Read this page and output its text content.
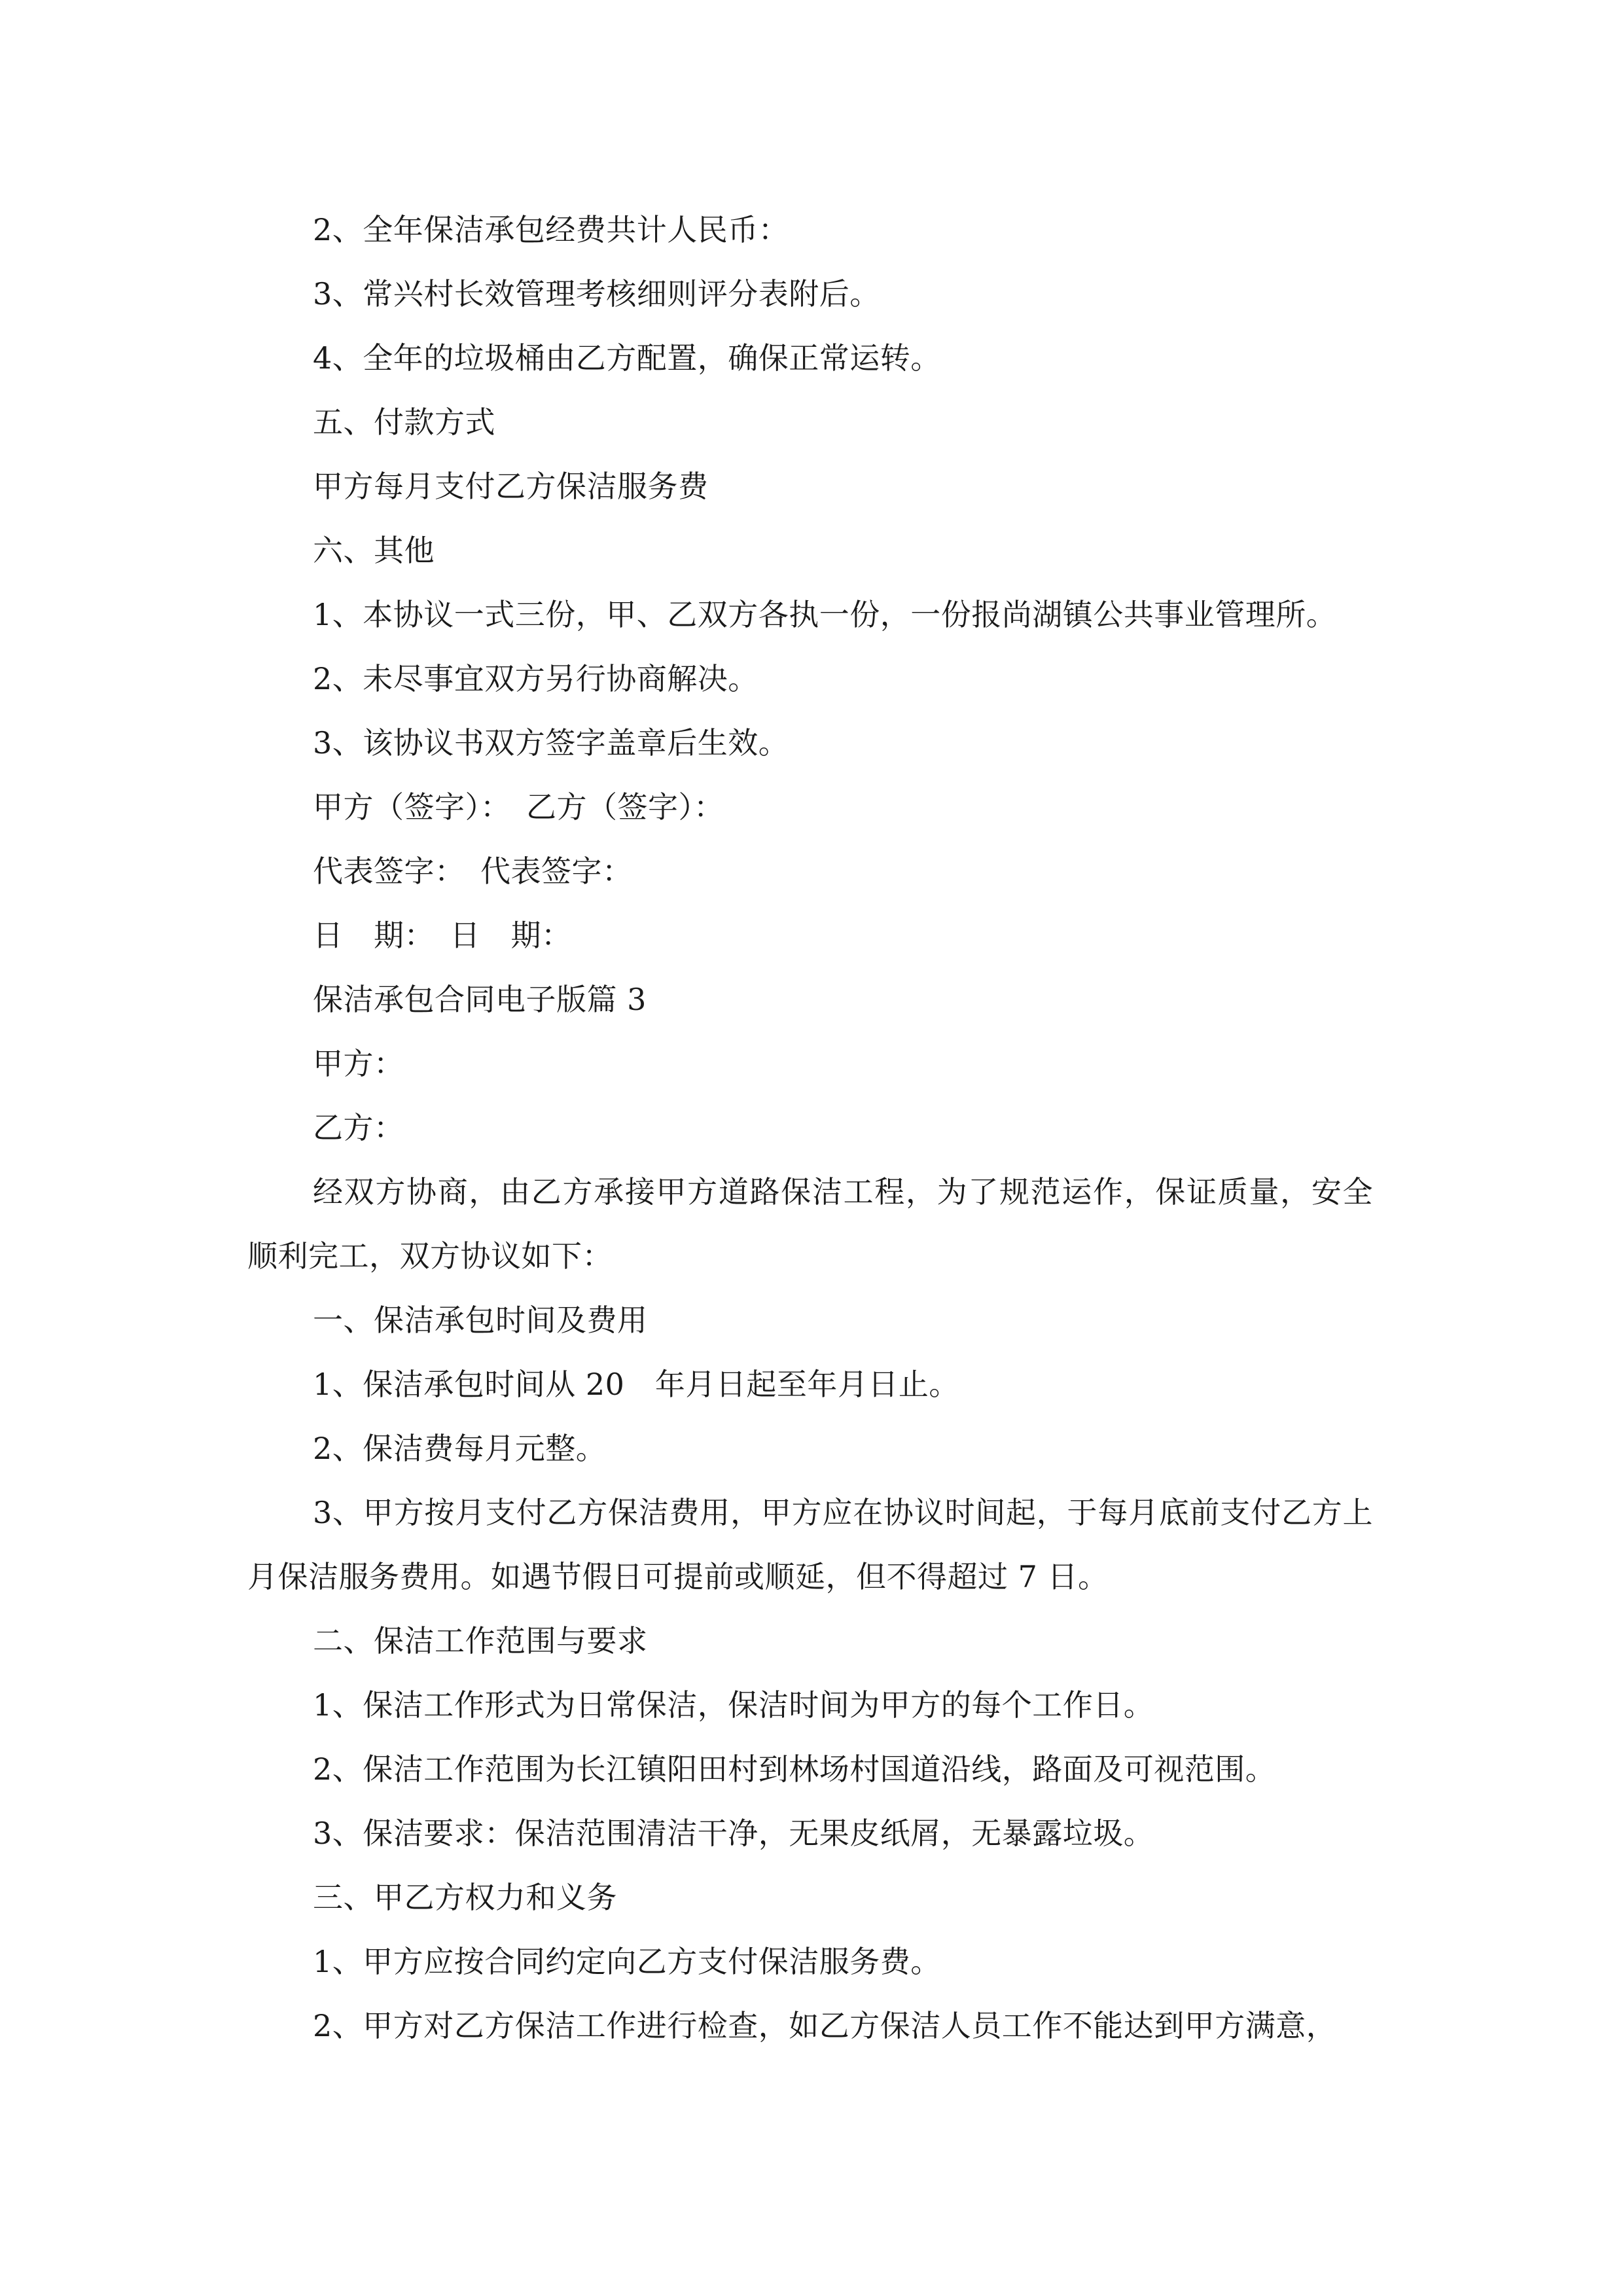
2、全年保洁承包经费共计人民币：
3、常兴村长效管理考核细则评分表附后。
4、全年的垃圾桶由乙方配置，确保正常运转。
五、付款方式
甲方每月支付乙方保洁服务费
六、其他
1、本协议一式三份，甲、乙双方各执一份，一份报尚湖镇公共事业管理所。
2、未尽事宜双方另行协商解决。
3、该协议书双方签字盖章后生效。
甲方（签字）：　乙方（签字）：
代表签字：　代表签字：
日　期：　日　期：
保洁承包合同电子版篇 3
甲方：
乙方：
经双方协商，由乙方承接甲方道路保洁工程，为了规范运作，保证质量，安全顺利完工，双方协议如下：
一、保洁承包时间及费用
1、保洁承包时间从 20　年月日起至年月日止。
2、保洁费每月元整。
3、甲方按月支付乙方保洁费用，甲方应在协议时间起，于每月底前支付乙方上月保洁服务费用。如遇节假日可提前或顺延，但不得超过 7 日。
二、保洁工作范围与要求
1、保洁工作形式为日常保洁，保洁时间为甲方的每个工作日。
2、保洁工作范围为长江镇阳田村到林场村国道沿线，路面及可视范围。
3、保洁要求：保洁范围清洁干净，无果皮纸屑，无暴露垃圾。
三、甲乙方权力和义务
1、甲方应按合同约定向乙方支付保洁服务费。
2、甲方对乙方保洁工作进行检查，如乙方保洁人员工作不能达到甲方满意，
